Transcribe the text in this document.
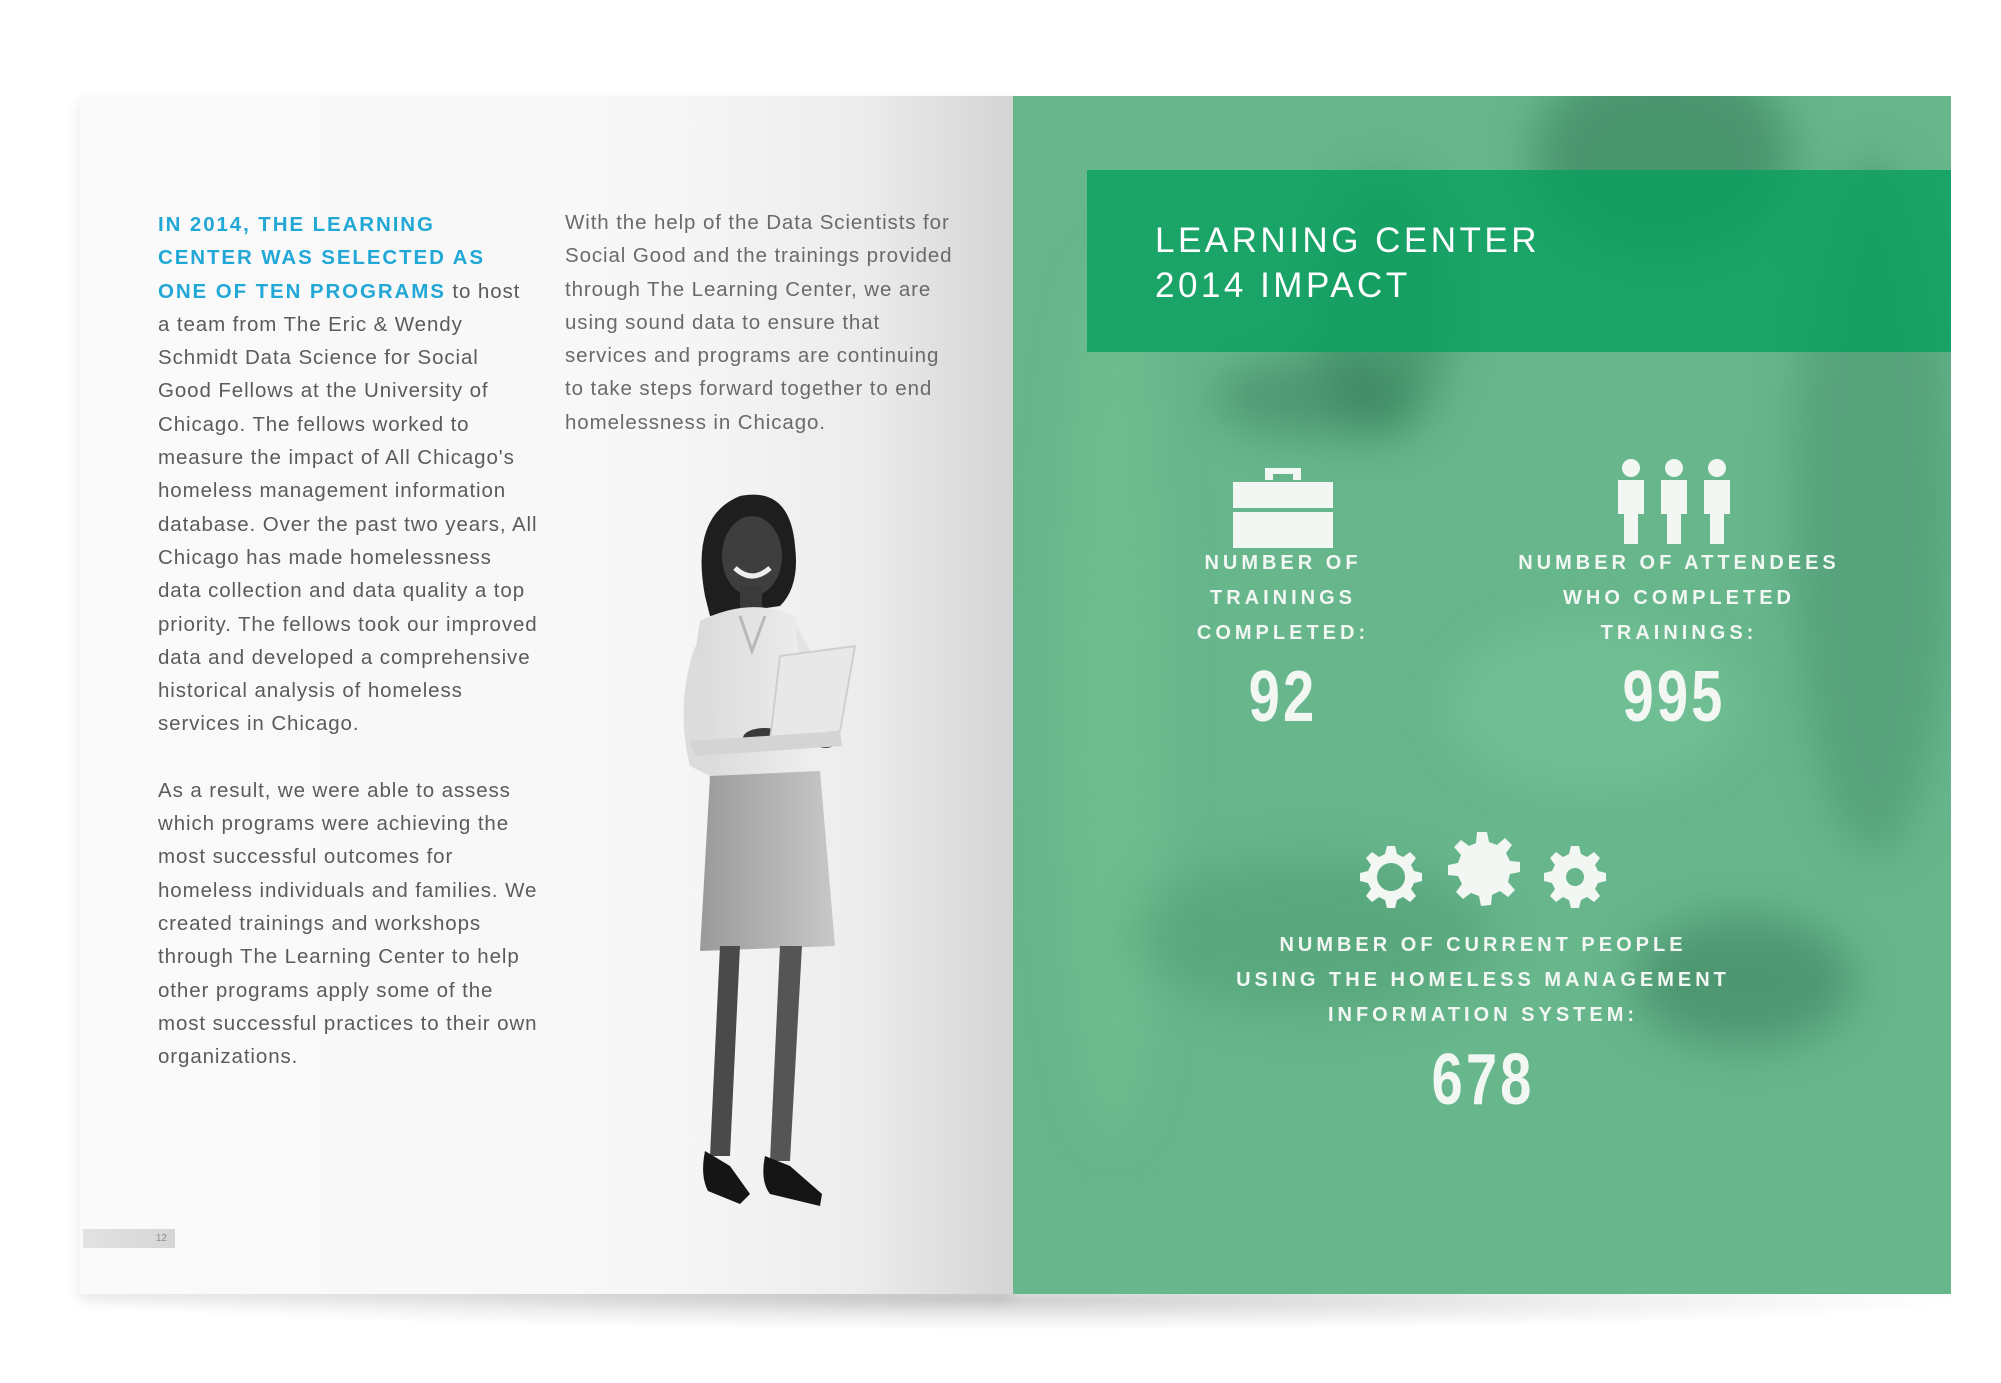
IN 2014, THE LEARNING CENTER WAS SELECTED AS ONE OF TEN PROGRAMS to host a team from The Eric & Wendy Schmidt Data Science for Social Good Fellows at the University of Chicago. The fellows worked to measure the impact of All Chicago's homeless management information database. Over the past two years, All Chicago has made homelessness data collection and data quality a top priority. The fellows took our improved data and developed a comprehensive historical analysis of homeless services in Chicago.

As a result, we were able to assess which programs were achieving the most successful outcomes for homeless individuals and families. We created trainings and workshops through The Learning Center to help other programs apply some of the most successful practices to their own organizations.

With the help of the Data Scientists for Social Good and the trainings provided through The Learning Center, we are using sound data to ensure that services and programs are continuing to take steps forward together to end homelessness in Chicago.

12
LEARNING CENTER
2014 IMPACT
NUMBER OF
TRAININGS
COMPLETED:
92
NUMBER OF ATTENDEES
WHO COMPLETED
TRAININGS:
995
NUMBER OF CURRENT PEOPLE
USING THE HOMELESS MANAGEMENT
INFORMATION SYSTEM:
678
